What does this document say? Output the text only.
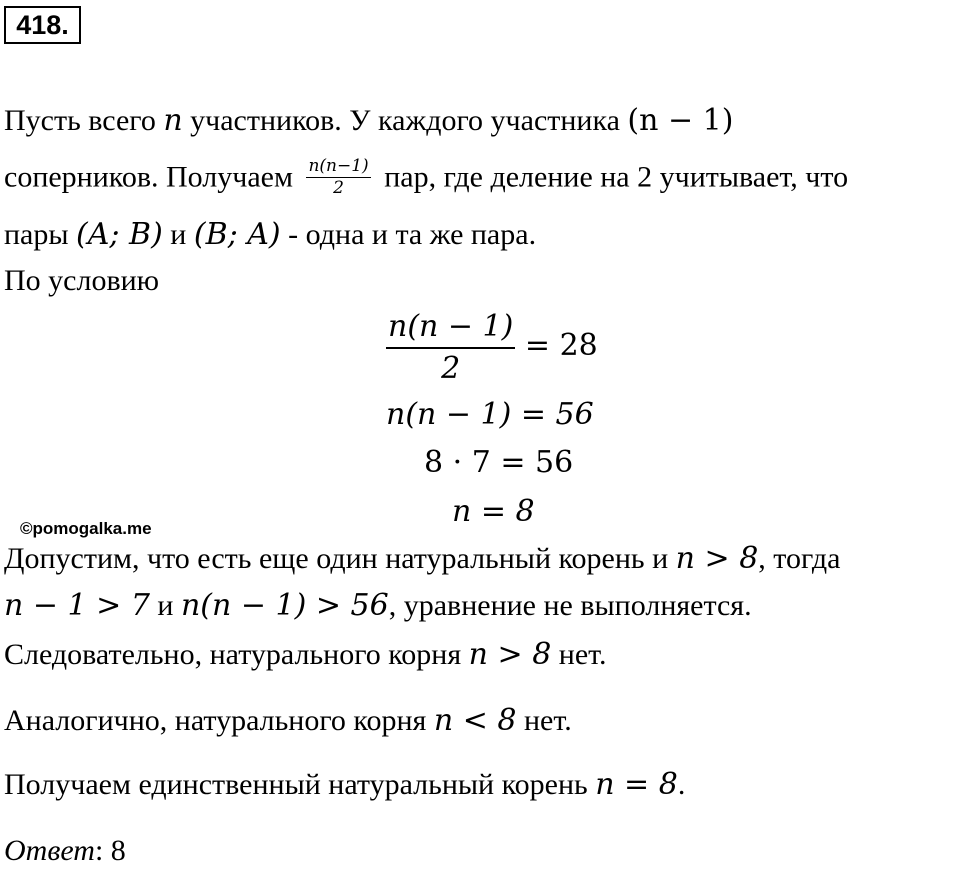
418.
Пусть всего n участников. У каждого участника (n − 1)
соперников. Получаем $\frac{n(n-1)}{2}$ пар, где деление на 2 учитывает, что
пары (A; B) и (B; A) - одна и та же пара.
По условию
$\frac{n(n - 1)}{2} = 28$
n(n − 1) = 56
8 · 7 = 56
n = 8
©pomogalka.me
Допустим, что есть еще один натуральный корень и n > 8, тогда
n − 1 > 7 и n(n − 1) > 56, уравнение не выполняется.
Следовательно, натурального корня n > 8 нет.
Аналогично, натурального корня n < 8 нет.
Получаем единственный натуральный корень n = 8.
Ответ: 8
